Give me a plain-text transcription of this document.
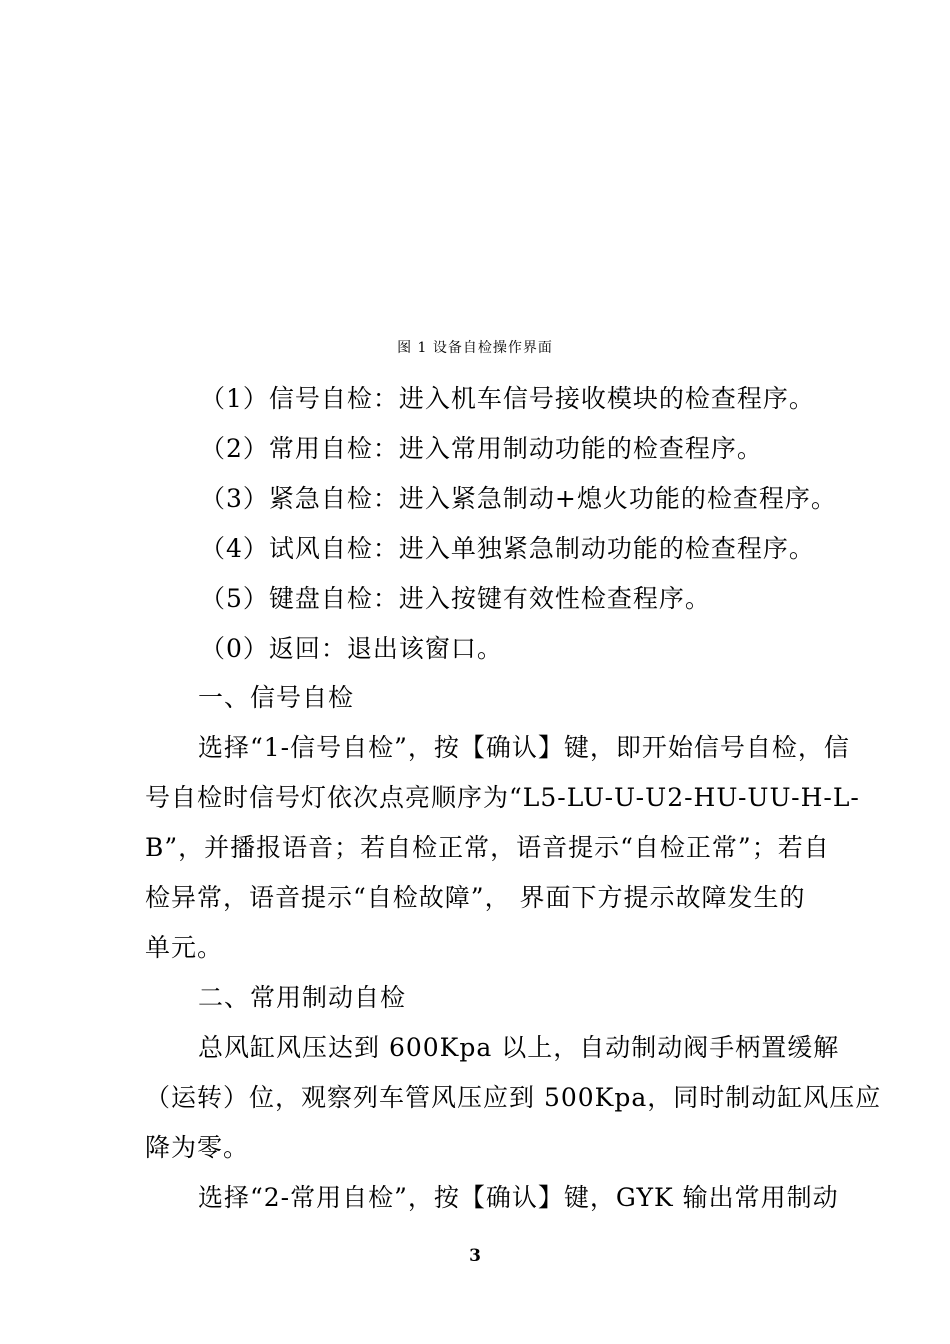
图 1 设备自检操作界面
（1）信号自检：进入机车信号接收模块的检查程序。
（2）常用自检：进入常用制动功能的检查程序。
（3）紧急自检：进入紧急制动+熄火功能的检查程序。
（4）试风自检：进入单独紧急制动功能的检查程序。
（5）键盘自检：进入按键有效性检查程序。
（0）返回：退出该窗口。
一、信号自检
选择“1-信号自检”，按【确认】键，即开始信号自检，信
号自检时信号灯依次点亮顺序为“L5-LU-U-U2-HU-UU-H-L-
B”，并播报语音；若自检正常，语音提示“自检正常”；若自
检异常，语音提示“自检故障”， 界面下方提示故障发生的
单元。
二、常用制动自检
总风缸风压达到 600Kpa 以上，自动制动阀手柄置缓解
（运转）位，观察列车管风压应到 500Kpa，同时制动缸风压应
降为零。
选择“2-常用自检”，按【确认】键，GYK 输出常用制动
3
